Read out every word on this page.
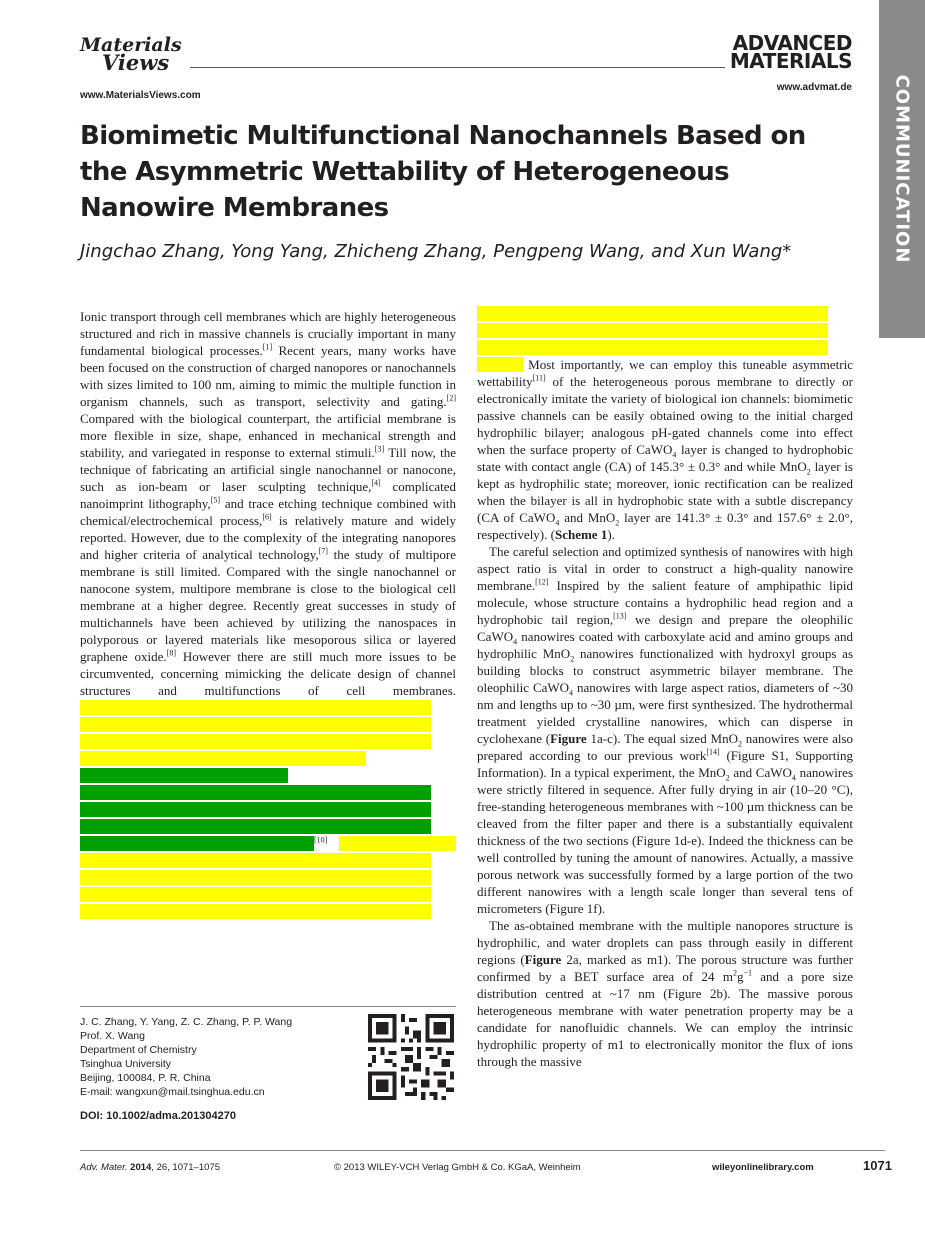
Materials
Views
www.MaterialsViews.com
ADVANCED
MATERIALS
www.advmat.de COMMUNICATION
Biomimetic Multifunctional Nanochannels Based on the Asymmetric Wettability of Heterogeneous Nanowire Membranes
Jingchao Zhang, Yong Yang, Zhicheng Zhang, Pengpeng Wang, and Xun Wang*

Ionic transport through cell membranes which are highly heterogeneous structured and rich in massive channels is crucially important in many fundamental biological processes.[1] Recent years, many works have been focused on the construction of charged nanopores or nanochannels with sizes limited to 100 nm, aiming to mimic the multiple function in organism channels, such as transport, selectivity and gating.[2] Compared with the biological counterpart, the artificial membrane is more flexible in size, shape, enhanced in mechanical strength and stability, and variegated in response to external stimuli.[3] Till now, the technique of fabricating an artificial single nanochannel or nanocone, such as ion-beam or laser sculpting technique,[4] complicated nanoimprint lithography,[5] and trace etching technique combined with chemical/electrochemical process,[6] is relatively mature and widely reported. However, due to the complexity of the integrating nanopores and higher criteria of analytical technology,[7] the study of multipore membrane is still limited. Compared with the single nanochannel or nanocone system, multipore membrane is close to the biological cell membrane at a higher degree. Recently great successes in study of multichannels have been achieved by utilizing the nanospaces in polyporous or layered materials like mesoporous silica or layered graphene oxide.[8] However there are still much more issues to be circumvented, concerning mimicking the delicate design of channel structures and multifunctions of cell membranes. xxxxxxxxxxxxxxxxxxxxxxxxxxxxxxxxxxxxxxxxxxxxxxxxxxxxxx xxxxxxxxxxxxxxxxxxxxxxxxxxxxxxxxxxxxxxxxxxxxxxxxxxxxxx xxxxxxxxxxxxxxxxxxxxxxxxxxxxxxxxxxxxxxxxxxxxxxxxxxxxxx xxxxxxxxxxxxxxxxxxxxxxxxxxxxxxxxxxxxxxxxxxxx xxxxxxxxxxxxxxxxxxxxxxxxxxxxxxxx xxxxxxxxxxxxxxxxxxxxxxxxxxxxxxxxxxxxxxxxxxxxxxxxxxxxxx xxxxxxxxxxxxxxxxxxxxxxxxxxxxxxxxxxxxxxxxxxxxxxxxxxxxxx xxxxxxxxxxxxxxxxxxxxxxxxxxxxxxxxxxxxxxxxxxxxxxxxxxxxxx xxxxxxxxxxxxxxxxxxxxxxxxxxxxxxxxxxxx[10] xxxxxxxxxxxxxxxxxx xxxxxxxxxxxxxxxxxxxxxxxxxxxxxxxxxxxxxxxxxxxxxxxxxxxxxx xxxxxxxxxxxxxxxxxxxxxxxxxxxxxxxxxxxxxxxxxxxxxxxxxxxxxx xxxxxxxxxxxxxxxxxxxxxxxxxxxxxxxxxxxxxxxxxxxxxxxxxxxxxx xxxxxxxxxxxxxxxxxxxxxxxxxxxxxxxxxxxxxxxxxxxxxxxxxxxxxx

xxxxxxxxxxxxxxxxxxxxxxxxxxxxxxxxxxxxxxxxxxxxxxxxxxxxxx xxxxxxxxxxxxxxxxxxxxxxxxxxxxxxxxxxxxxxxxxxxxxxxxxxxxxx xxxxxxxxxxxxxxxxxxxxxxxxxxxxxxxxxxxxxxxxxxxxxxxxxxxxxx xxxxxxx Most importantly, we can employ this tuneable asymmetric wettability[11] of the heterogeneous porous membrane to directly or electronically imitate the variety of biological ion channels: biomimetic passive channels can be easily obtained owing to the initial charged hydrophilic bilayer; analogous pH-gated channels come into effect when the surface property of CaWO$_4$ layer is changed to hydrophobic state with contact angle (CA) of 145.3° ± 0.3° and while MnO$_2$ layer is kept as hydrophilic state; moreover, ionic rectification can be realized when the bilayer is all in hydrophobic state with a subtle discrepancy (CA of CaWO$_4$ and MnO$_2$ layer are 141.3° ± 0.3° and 157.6° ± 2.0°, respectively). (Scheme 1).

The careful selection and optimized synthesis of nanowires with high aspect ratio is vital in order to construct a high-quality nanowire membrane.[12] Inspired by the salient feature of amphipathic lipid molecule, whose structure contains a hydrophilic head region and a hydrophobic tail region,[13] we design and prepare the oleophilic CaWO$_4$ nanowires coated with carboxylate acid and amino groups and hydrophilic MnO$_2$ nanowires functionalized with hydroxyl groups as building blocks to construct asymmetric bilayer membrane. The oleophilic CaWO$_4$ nanowires with large aspect ratios, diameters of ~30 nm and lengths up to ~30 µm, were first synthesized. The hydrothermal treatment yielded crystalline nanowires, which can disperse in cyclohexane (Figure 1a-c). The equal sized MnO$_2$ nanowires were also prepared according to our previous work[14] (Figure S1, Supporting Information). In a typical experiment, the MnO$_2$ and CaWO$_4$ nanowires were strictly filtered in sequence. After fully drying in air (10–20 °C), free-standing heterogeneous membranes with ~100 µm thickness can be cleaved from the filter paper and there is a substantially equivalent thickness of the two sections (Figure 1d-e). Indeed the thickness can be well controlled by tuning the amount of nanowires. Actually, a massive porous network was successfully formed by a large portion of the two different nanowires with a length scale longer than several tens of micrometers (Figure 1f).

The as-obtained membrane with the multiple nanopores structure is hydrophilic, and water droplets can pass through easily in different regions (Figure 2a, marked as m1). The porous structure was further confirmed by a BET surface area of 24 $m^2g^{-1}$ and a pore size distribution centred at ~17 nm (Figure 2b). The massive porous heterogeneous membrane with water penetration property may be a candidate for nanofluidic channels. We can employ the intrinsic hydrophilic property of m1 to electronically monitor the flux of ions through the massive

J. C. Zhang, Y. Yang, Z. C. Zhang, P. P. Wang
Prof. X. Wang
Department of Chemistry
Tsinghua University
Beijing, 100084, P. R. China
E-mail: wangxun@mail.tsinghua.edu.cn
DOI: 10.1002/adma.201304270
Adv. Mater. 2014, 26, 1071–1075	© 2013 WILEY-VCH Verlag GmbH & Co. KGaA, Weinheim	wileyonlinelibrary.com	1071
